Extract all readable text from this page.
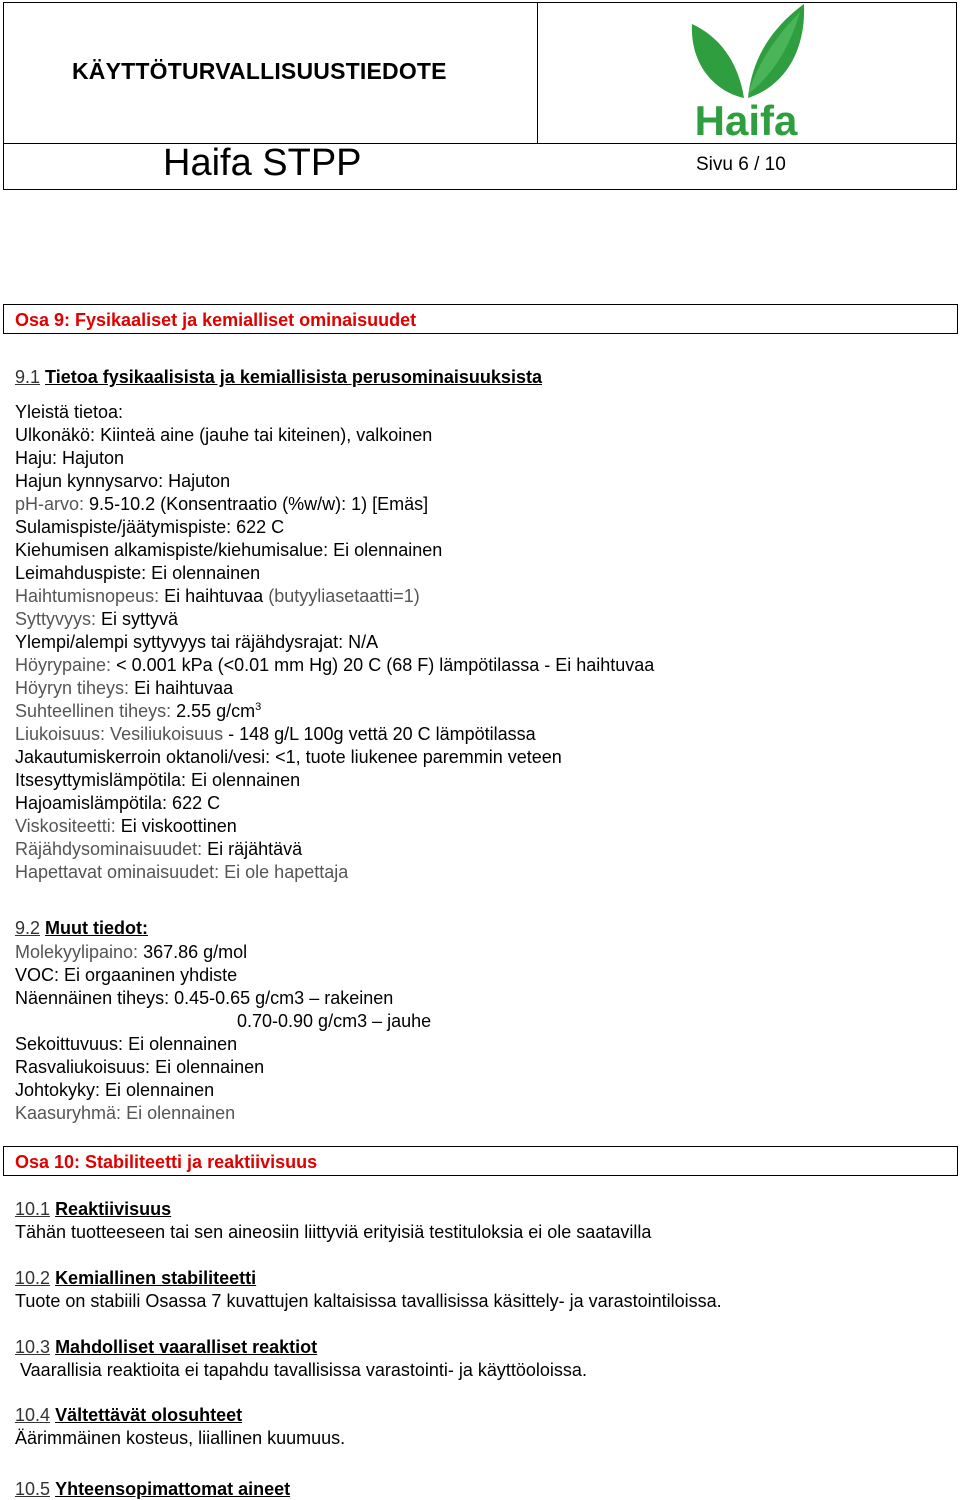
KÄYTTÖTURVALLISUUSTIEDOTE
Haifa STPP	Sivu 6 / 10
Haifa
Osa 9: Fysikaaliset ja kemialliset ominaisuudet
9.1 Tietoa fysikaalisista ja kemiallisista perusominaisuuksista
Yleistä tietoa:
Ulkonäkö: Kiinteä aine (jauhe tai kiteinen), valkoinen
Haju: Hajuton
Hajun kynnysarvo: Hajuton
pH-arvo: 9.5-10.2 (Konsentraatio (%w/w): 1) [Emäs]
Sulamispiste/jäätymispiste: 622 C
Kiehumisen alkamispiste/kiehumisalue: Ei olennainen
Leimahduspiste: Ei olennainen
Haihtumisnopeus: Ei haihtuvaa (butyyliasetaatti=1)
Syttyvyys: Ei syttyvä
Ylempi/alempi syttyvyys tai räjähdysrajat: N/A
Höyrypaine: < 0.001 kPa (<0.01 mm Hg) 20 C (68 F) lämpötilassa - Ei haihtuvaa
Höyryn tiheys: Ei haihtuvaa
Suhteellinen tiheys: 2.55 $g/cm^3$
Liukoisuus: Vesiliukoisuus - 148 g/L 100g vettä 20 C lämpötilassa
Jakautumiskerroin oktanoli/vesi: <1, tuote liukenee paremmin veteen
Itsesyttymislämpötila: Ei olennainen
Hajoamislämpötila: 622 C
Viskositeetti: Ei viskoottinen
Räjähdysominaisuudet: Ei räjähtävä
Hapettavat ominaisuudet: Ei ole hapettaja
9.2 Muut tiedot:
Molekyylipaino: 367.86 g/mol
VOC: Ei orgaaninen yhdiste
Näennäinen tiheys: 0.45-0.65 g/cm3 – rakeinen
0.70-0.90 g/cm3 – jauhe
Sekoittuvuus: Ei olennainen
Rasvaliukoisuus: Ei olennainen
Johtokyky: Ei olennainen
Kaasuryhmä: Ei olennainen
Osa 10: Stabiliteetti ja reaktiivisuus
10.1 Reaktiivisuus
Tähän tuotteeseen tai sen aineosiin liittyviä erityisiä testituloksia ei ole saatavilla
10.2 Kemiallinen stabiliteetti
Tuote on stabiili Osassa 7 kuvattujen kaltaisissa tavallisissa käsittely- ja varastointiloissa.
10.3 Mahdolliset vaaralliset reaktiot
Vaarallisia reaktioita ei tapahdu tavallisissa varastointi- ja käyttöoloissa.
10.4 Vältettävät olosuhteet
Äärimmäinen kosteus, liiallinen kuumuus.
10.5 Yhteensopimattomat aineet
